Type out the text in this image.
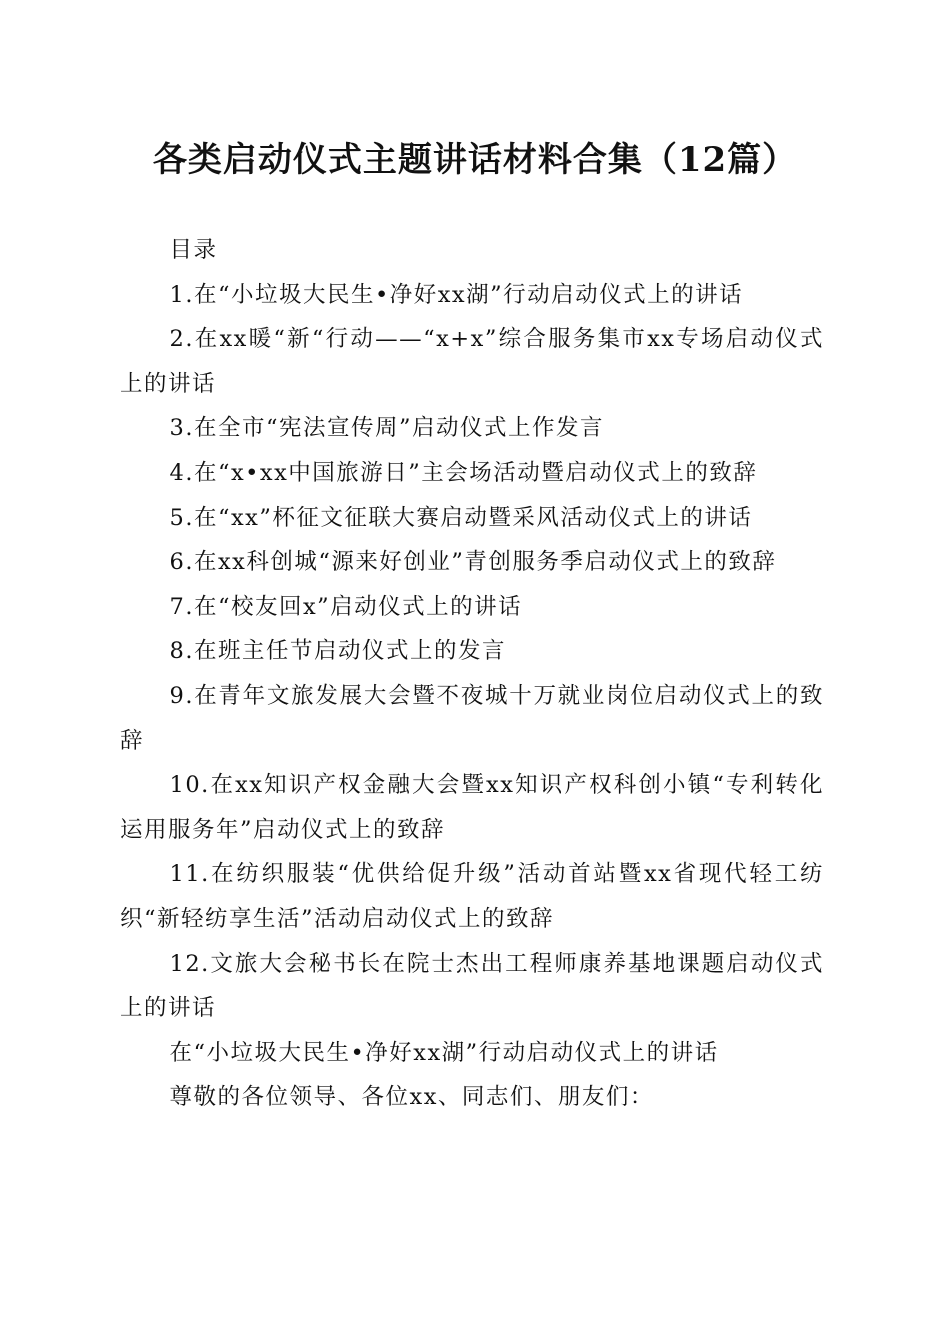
各类启动仪式主题讲话材料合集（12篇）

目录

1.在“小垃圾大民生•净好xx湖”行动启动仪式上的讲话

2.在xx暖“新“行动——“x+x”综合服务集市xx专场启动仪式上的讲话

3.在全市“宪法宣传周”启动仪式上作发言

4.在“x•xx中国旅游日”主会场活动暨启动仪式上的致辞

5.在“xx”杯征文征联大赛启动暨采风活动仪式上的讲话

6.在xx科创城“源来好创业”青创服务季启动仪式上的致辞

7.在“校友回x”启动仪式上的讲话

8.在班主任节启动仪式上的发言

9.在青年文旅发展大会暨不夜城十万就业岗位启动仪式上的致辞

10.在xx知识产权金融大会暨xx知识产权科创小镇“专利转化运用服务年”启动仪式上的致辞

11.在纺织服装“优供给促升级”活动首站暨xx省现代轻工纺织“新轻纺享生活”活动启动仪式上的致辞

12.文旅大会秘书长在院士杰出工程师康养基地课题启动仪式上的讲话

在“小垃圾大民生•净好xx湖”行动启动仪式上的讲话

尊敬的各位领导、各位xx、同志们、朋友们：
